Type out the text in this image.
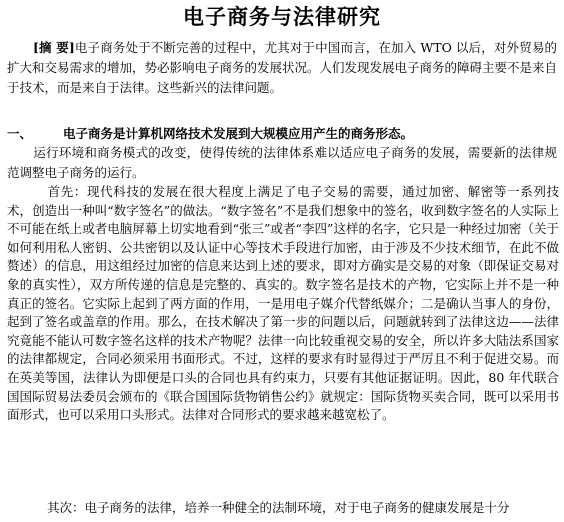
电子商务与法律研究
[摘 要]电子商务处于不断完善的过程中，尤其对于中国而言，在加入 WTO 以后，对外贸易的扩大和交易需求的增加，势必影响电子商务的发展状况。人们发现发展电子商务的障碍主要不是来自于技术，而是来自于法律。这些新兴的法律问题。
一、 电子商务是计算机网络技术发展到大规模应用产生的商务形态。
运行环境和商务模式的改变，使得传统的法律体系难以适应电子商务的发展，需要新的法律规范调整电子商务的运行。
首先：现代科技的发展在很大程度上满足了电子交易的需要，通过加密、解密等一系列技术，创造出一种叫“数字签名”的做法。“数字签名”不是我们想象中的签名，收到数字签名的人实际上不可能在纸上或者电脑屏幕上切实地看到“张三”或者“李四”这样的名字，它只是一种经过加密（关于如何利用私人密钥、公共密钥以及认证中心等技术手段进行加密，由于涉及不少技术细节，在此不做赘述）的信息，用这组经过加密的信息来达到上述的要求，即对方确实是交易的对象（即保证交易对象的真实性），双方所传递的信息是完整的、真实的。数字签名是技术的产物，它实际上并不是一种真正的签名。它实际上起到了两方面的作用，一是用电子媒介代替纸媒介；二是确认当事人的身份，起到了签名或盖章的作用。那么，在技术解决了第一步的问题以后，问题就转到了法律这边——法律究竟能不能认可数字签名这样的技术产物呢？法律一向比较重视交易的安全，所以许多大陆法系国家的法律都规定，合同必须采用书面形式。不过，这样的要求有时显得过于严厉且不利于促进交易。而在英美等国，法律认为即便是口头的合同也具有约束力，只要有其他证据证明。因此，80 年代联合国国际贸易法委员会颁布的《联合国国际货物销售公约》就规定：国际货物买卖合同，既可以采用书面形式，也可以采用口头形式。法律对合同形式的要求越来越宽松了。
其次：电子商务的法律，培养一种健全的法制环境，对于电子商务的健康发展是十分
